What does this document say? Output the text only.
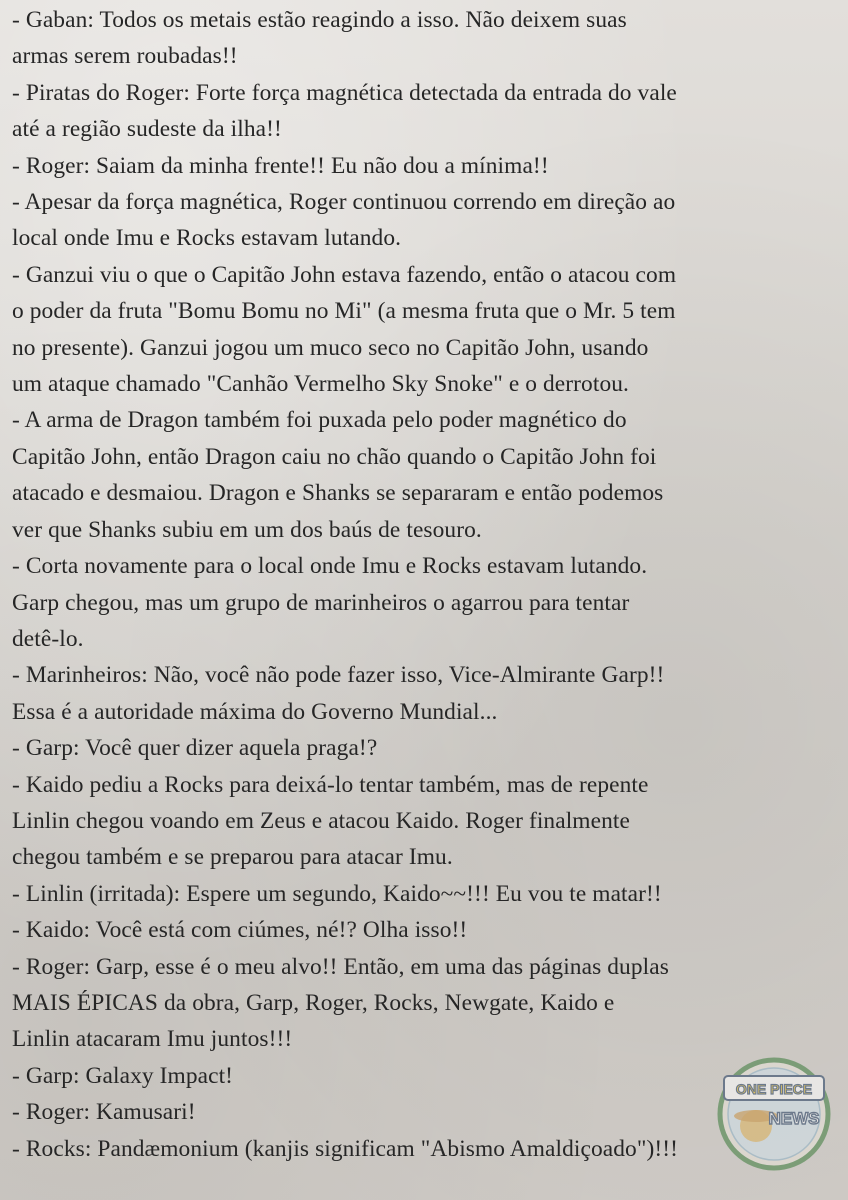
- Gaban: Todos os metais estão reagindo a isso. Não deixem suas
armas serem roubadas!!
- Piratas do Roger: Forte força magnética detectada da entrada do vale
até a região sudeste da ilha!!
- Roger: Saiam da minha frente!! Eu não dou a mínima!!
- Apesar da força magnética, Roger continuou correndo em direção ao
local onde Imu e Rocks estavam lutando.
- Ganzui viu o que o Capitão John estava fazendo, então o atacou com
o poder da fruta "Bomu Bomu no Mi" (a mesma fruta que o Mr. 5 tem
no presente). Ganzui jogou um muco seco no Capitão John, usando
um ataque chamado "Canhão Vermelho Sky Snoke" e o derrotou.
- A arma de Dragon também foi puxada pelo poder magnético do
Capitão John, então Dragon caiu no chão quando o Capitão John foi
atacado e desmaiou. Dragon e Shanks se separaram e então podemos
ver que Shanks subiu em um dos baús de tesouro.
- Corta novamente para o local onde Imu e Rocks estavam lutando.
Garp chegou, mas um grupo de marinheiros o agarrou para tentar
detê-lo.
- Marinheiros: Não, você não pode fazer isso, Vice-Almirante Garp!!
Essa é a autoridade máxima do Governo Mundial...
- Garp: Você quer dizer aquela praga!?
- Kaido pediu a Rocks para deixá-lo tentar também, mas de repente
Linlin chegou voando em Zeus e atacou Kaido. Roger finalmente
chegou também e se preparou para atacar Imu.
- Linlin (irritada): Espere um segundo, Kaido~~!!! Eu vou te matar!!
- Kaido: Você está com ciúmes, né!? Olha isso!!
- Roger: Garp, esse é o meu alvo!! Então, em uma das páginas duplas
MAIS ÉPICAS da obra, Garp, Roger, Rocks, Newgate, Kaido e
Linlin atacaram Imu juntos!!!
- Garp: Galaxy Impact!
- Roger: Kamusari!
- Rocks: Pandæmonium (kanjis significam "Abismo Amaldiçoado")!!!
ONE PIECE
NEWS
